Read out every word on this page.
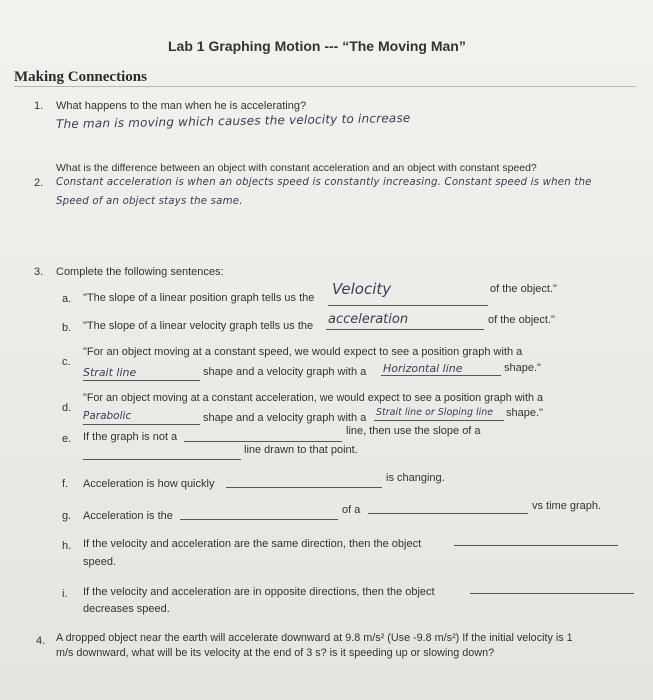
Lab 1 Graphing Motion --- “The Moving Man”
Making Connections
1. What happens to the man when he is accelerating?
The man is moving which causes the velocity to increase
2.
What is the difference between an object with constant acceleration and an object with constant speed?
Constant acceleration is when an objects speed is constantly increasing. Constant speed is when the
Speed of an object stays the same.
3. Complete the following sentences:
a. "The slope of a linear position graph tells us the Velocity	of the object."
b. "The slope of a linear velocity graph tells us the acceleration	of the object."
c.
"For an object moving at a constant speed, we would expect to see a position graph with a
Strait line	shape and a velocity graph with a Horizontal line	shape."
d.
"For an object moving at a constant acceleration, we would expect to see a position graph with a
Parabolic	shape and a velocity graph with a Strait line or Sloping line shape."
e. If the graph is not a	line, then use the slope of a
line drawn to that point.
f. Acceleration is how quickly	is changing.
g. Acceleration is the	of a	vs time graph.
h. If the velocity and acceleration are the same direction, then the object
speed.
i. If the velocity and acceleration are in opposite directions, then the object
decreases speed.
4. A dropped object near the earth will accelerate downward at 9.8 m/s² (Use -9.8 m/s²) If the initial velocity is 1
m/s downward, what will be its velocity at the end of 3 s? is it speeding up or slowing down?
